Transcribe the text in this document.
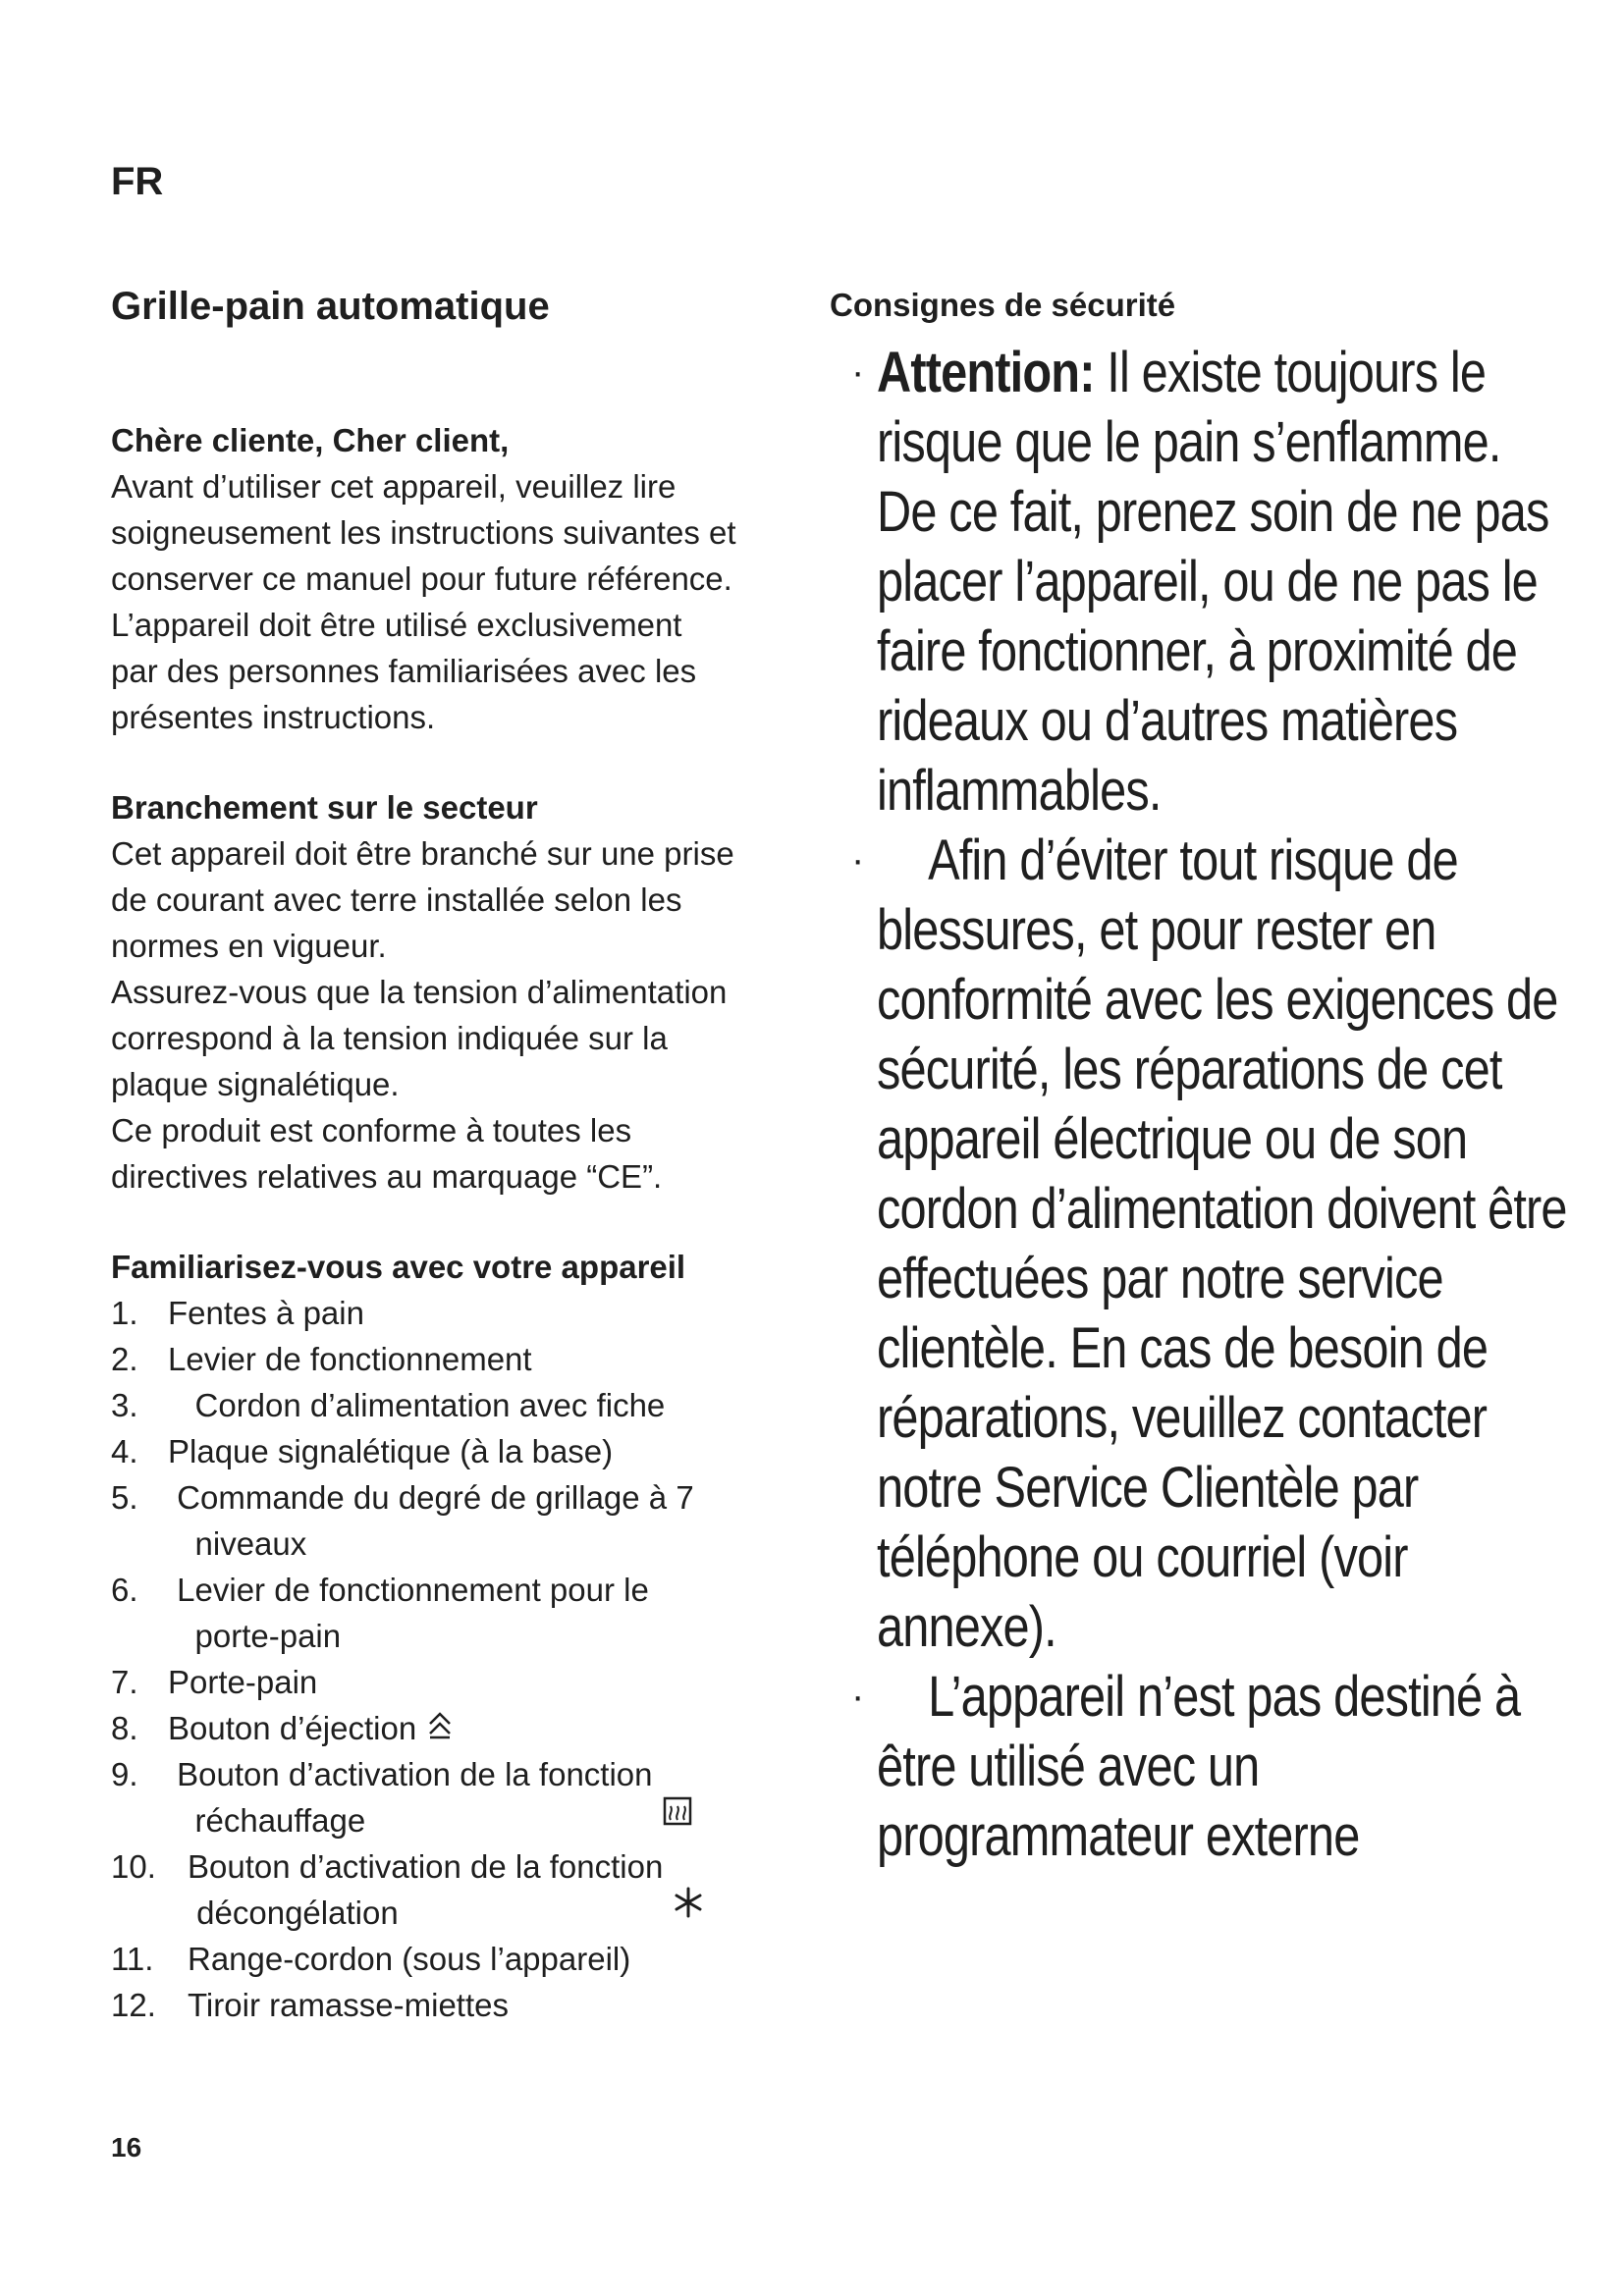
FR

Grille-pain automatique
Chère cliente, Cher client,

Avant d’utiliser cet appareil, veuillez lire
soigneusement les instructions suivantes et
conserver ce manuel pour future référence.
L’appareil doit être utilisé exclusivement
par des personnes familiarisées avec les
présentes instructions.

Branchement sur le secteur

Cet appareil doit être branché sur une prise
de courant avec terre installée selon les
normes en vigueur.
Assurez-vous que la tension d’alimentation
correspond à la tension indiquée sur la
plaque signalétique.
Ce produit est conforme à toutes les
directives relatives au marquage “CE”.

Familiarisez-vous avec votre appareil
1. Fentes à pain
2. Levier de fonctionnement
3. Cordon d’alimentation avec fiche
4. Plaque signalétique (à la base)
5.	Commande du degré de grillage à 7
niveaux
6.	Levier de fonctionnement pour le
porte-pain
7. Porte-pain
8. Bouton d’éjection
9.	Bouton d’activation de la fonction
réchauffage
10. Bouton d’activation de la fonction
décongélation
11.	Range-cordon (sous l’appareil)
12. Tiroir ramasse-miettes
Consignes de sécurité
· Attention: Il existe toujours le risque que le pain s’enflamme. De ce fait, prenez soin de ne pas placer l’appareil, ou de ne pas le faire fonctionner, à proximité de rideaux ou d’autres matières inflammables.
· Afin d’éviter tout risque de blessures, et pour rester en conformité avec les exigences de sécurité, les réparations de cet appareil électrique ou de son cordon d’alimentation doivent être effectuées par notre service clientèle. En cas de besoin de réparations, veuillez contacter notre Service Clientèle par téléphone ou courriel (voir annexe).
· L’appareil n’est pas destiné à être utilisé avec un programmateur externe

16
